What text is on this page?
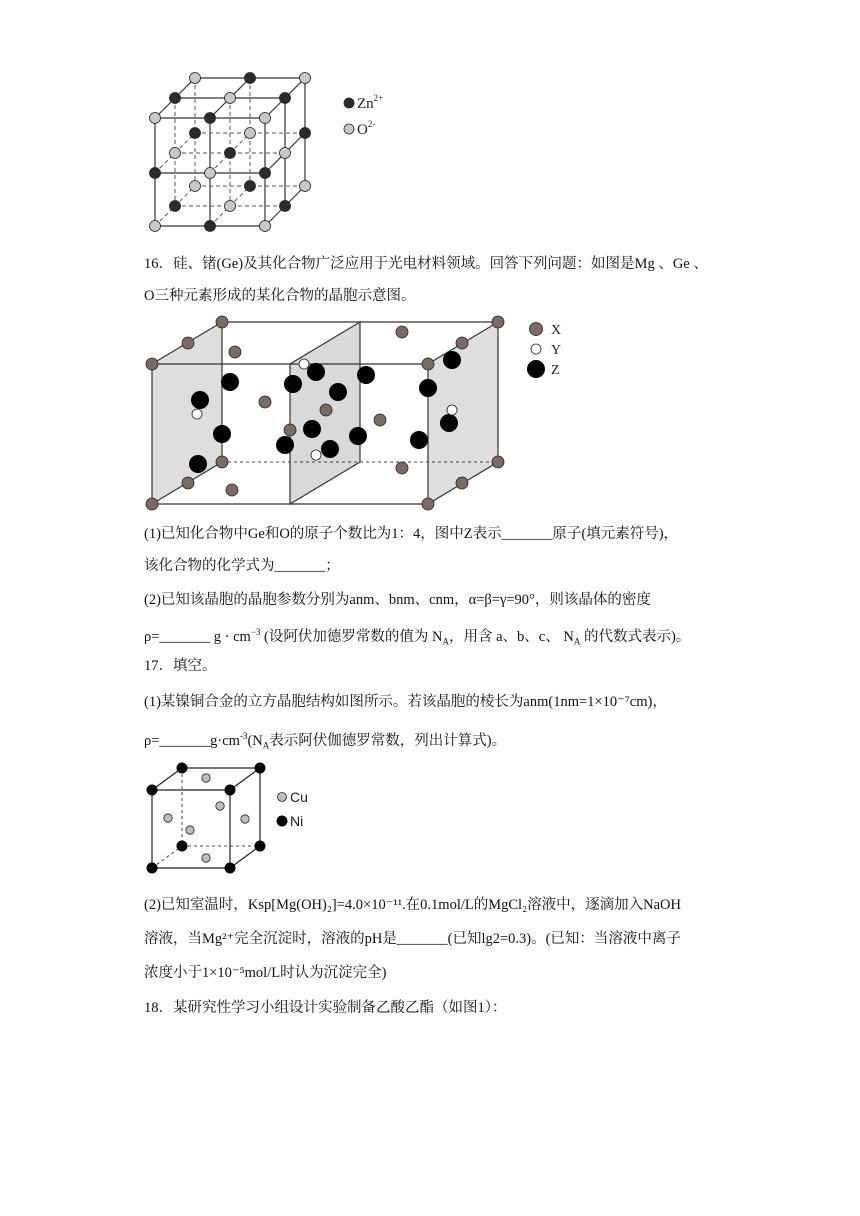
$Zn^{2+}$
$O^{2-}$
16．硅、锗(Ge)及其化合物广泛应用于光电材料领域。回答下列问题：如图是Mg 、Ge 、
O三种元素形成的某化合物的晶胞示意图。
X
Y
Z
(1)已知化合物中Ge和O的原子个数比为1：4，图中Z表示_______原子(填元素符号)，
该化合物的化学式为_______；
(2)已知该晶胞的晶胞参数分别为anm、bnm、cnm，α=β=γ=90°，则该晶体的密度
ρ=_______ $g \cdot cm^{-3}$ (设阿伏加德罗常数的值为 $N_A$，用含 a、b、c、 $N_A$ 的代数式表示)。
17．填空。
(1)某镍铜合金的立方晶胞结构如图所示。若该晶胞的棱长为anm(1nm=1×10⁻⁷cm)，
$\rho=\_\_\_\_\_\_\_g\cdot cm^{-3}(N_A$表示阿伏伽德罗常数，列出计算式)。
Cu
Ni
(2)已知室温时，Ksp[Mg(OH)₂]=4.0×10⁻¹¹.在0.1mol/L的MgCl₂溶液中，逐滴加入NaOH
溶液，当Mg²⁺完全沉淀时，溶液的pH是_______(已知lg2=0.3)。(已知：当溶液中离子
浓度小于1×10⁻⁵mol/L时认为沉淀完全)
18．某研究性学习小组设计实验制备乙酸乙酯（如图1）：
